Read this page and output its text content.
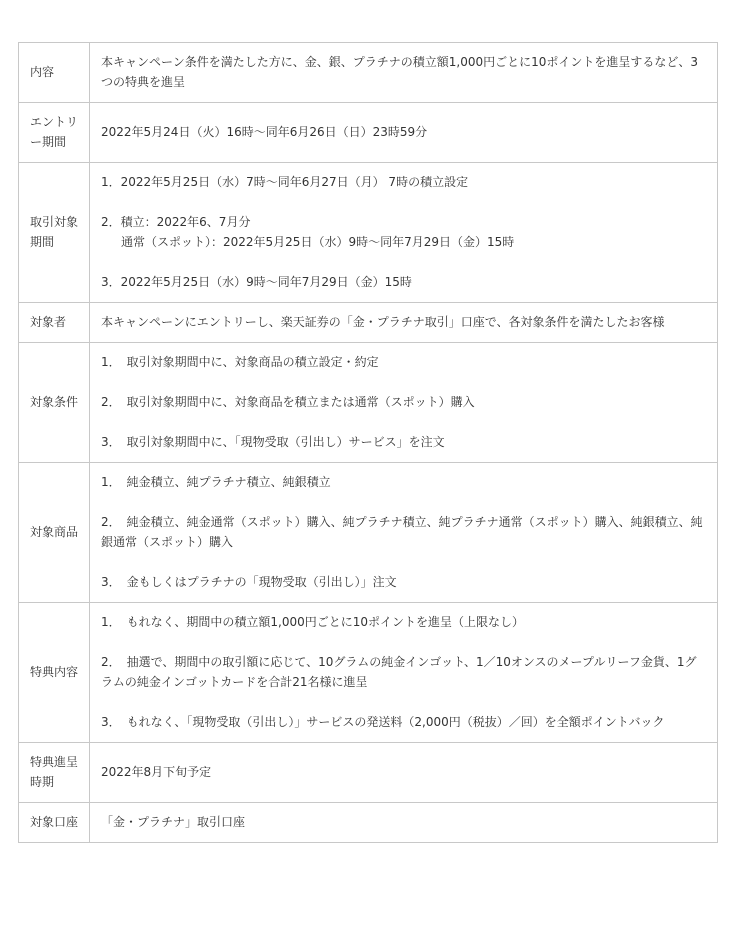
内容	本キャンペーン条件を満たした方に、金、銀、プラチナの積立額1,000円ごとに10ポイントを進呈するなど、3つの特典を進呈

エントリー期間	2022年5月24日（火）16時～同年6月26日（日）23時59分

取引対象期間	1．2022年5月25日（水）7時～同年6月27日（月） 7時の積立設定
2．積立：2022年6、7月分
通常（スポット）：2022年5月25日（水）9時～同年7月29日（金）15時
3．2022年5月25日（水）9時～同年7月29日（金）15時

対象者	本キャンペーンにエントリーし、楽天証券の「金・プラチナ取引」口座で、各対象条件を満たしたお客様

対象条件	1．　取引対象期間中に、対象商品の積立設定・約定
2．　取引対象期間中に、対象商品を積立または通常（スポット）購入
3．　取引対象期間中に、「現物受取（引出し）サービス」を注文

対象商品	1．　純金積立、純プラチナ積立、純銀積立
2．　純金積立、純金通常（スポット）購入、純プラチナ積立、純プラチナ通常（スポット）購入、純銀積立、純銀通常（スポット）購入
3．　金もしくはプラチナの「現物受取（引出し）」注文

特典内容	1．　もれなく、期間中の積立額1,000円ごとに10ポイントを進呈（上限なし）
2．　抽選で、期間中の取引額に応じて、10グラムの純金インゴット、1／10オンスのメープルリーフ金貨、1グラムの純金インゴットカードを合計21名様に進呈
3．　もれなく、「現物受取（引出し）」サービスの発送料（2,000円（税抜）／回）を全額ポイントバック

特典進呈時期	2022年8月下旬予定

対象口座	「金・プラチナ」取引口座
